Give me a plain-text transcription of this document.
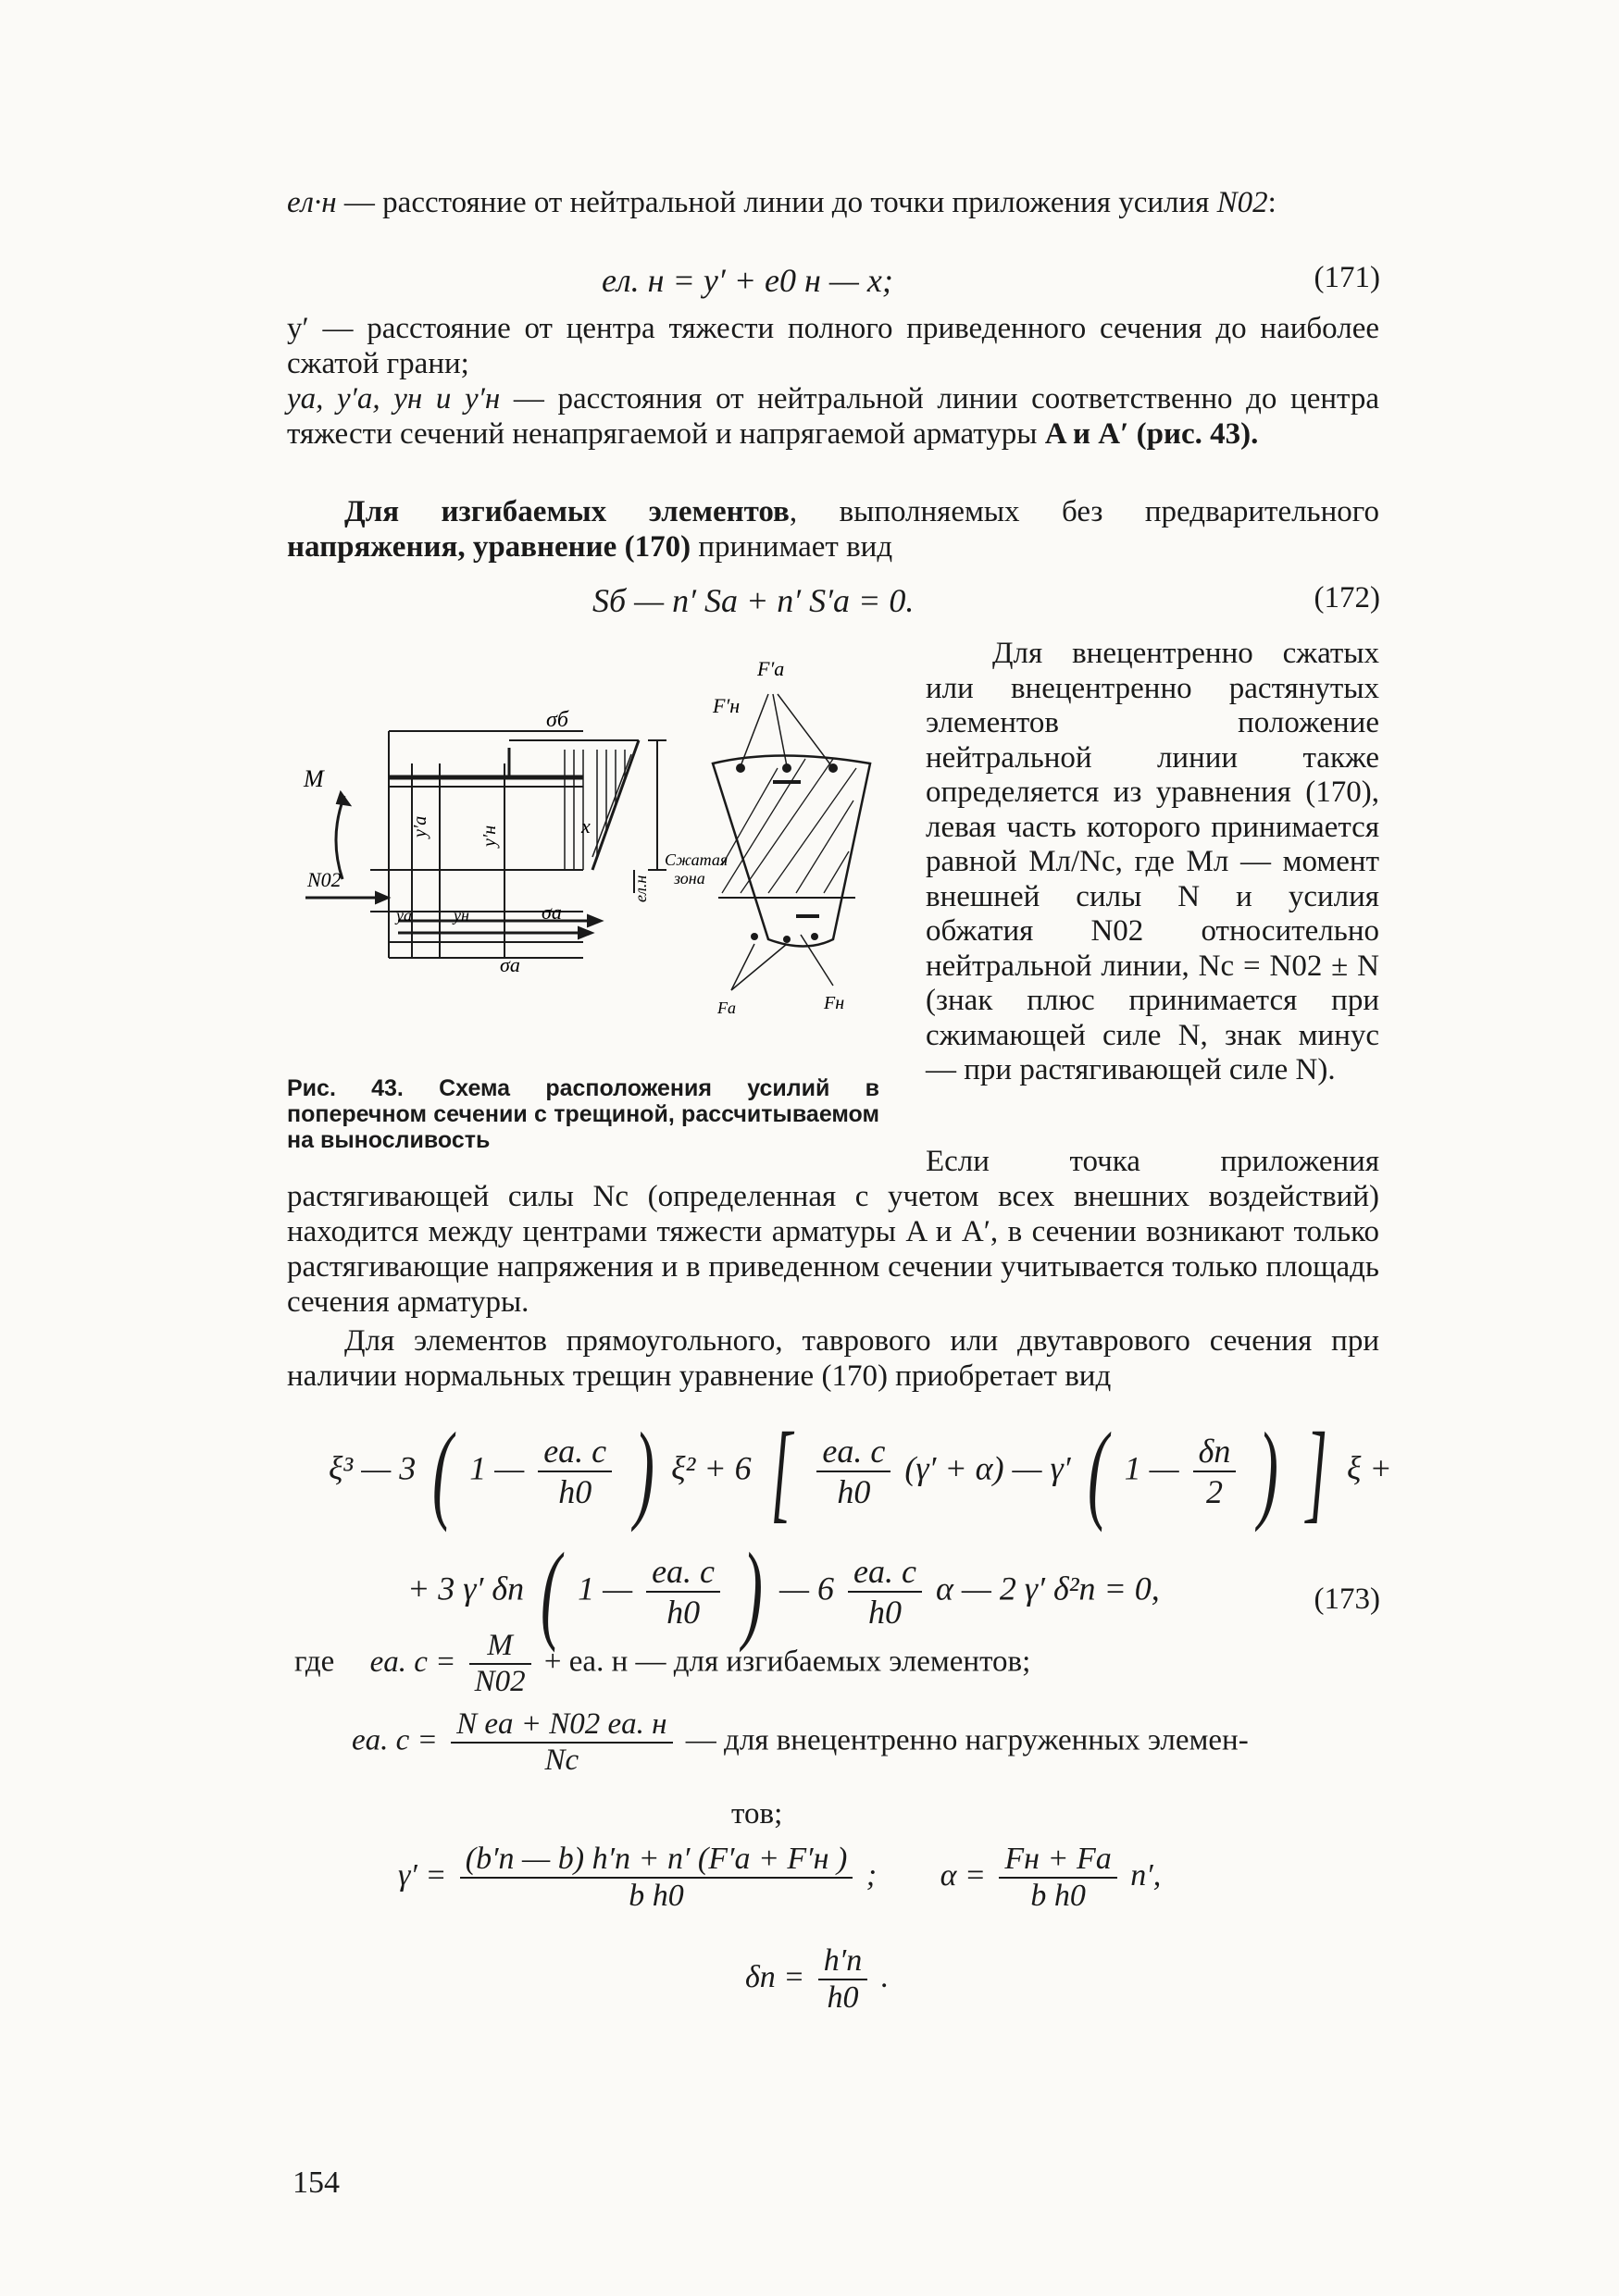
eл·н — расстояние от нейтральной линии до точки приложения усилия N02:
eл. н = y′ + e0 н — x;	(171)
y′ — расстояние от центра тяжести полного приведенного сечения до наиболее сжатой грани;
yа, y′а, yн и y′н — расстояния от нейтральной линии соответственно до центра тяжести сечений ненапрягаемой и напрягаемой арматуры A и A′ (рис. 43).
Для изгибаемых элементов, выполняемых без предварительного напряжения, уравнение (170) принимает вид
Sб — n′ Sа + n′ S′а = 0.	(172)
M
N02
σб
y′a	y′н	x
eл.н
yа	yн	σa
σа
F′a
F′н
Сжатая
зона
Fа	Fн
Рис. 43. Схема расположения усилий в поперечном сечении с трещиной, рассчитываемом на выносливость
Для внецентренно сжатых или внецентренно растянутых элементов положение нейтральной линии также определяется из уравнения (170), левая часть которого принимается равной Mл/Nс, где Mл — момент внешней силы N и усилия обжатия N02 относительно нейтральной линии, Nс = N02 ± N (знак плюс принимается при сжимающей силе N, знак минус — при растягивающей силе N).
Если точка приложения растягивающей силы Nс (определенная с учетом всех внешних воздействий) находится между центрами тяжести арматуры A и A′, в сечении возникают только растягивающие напряжения и в приведенном сечении учитывается только площадь сечения арматуры.
Для элементов прямоугольного, таврового или двутаврового сечения при наличии нормальных трещин уравнение (170) приобретает вид
ξ³ — 3 ( 1 — $\frac{eа. с}{h0}$ ) ξ² + 6 [ $\frac{eа. с}{h0} (\gamma' + \alpha)$ — γ′ ( 1 — $\frac{\delta п}{2}$ ) ] ξ +
+ 3 γ′ δп ( 1 — $\frac{eа. с}{h0}$ ) — $6 \frac{eа. с}{h0}$ α — 2 γ′ δ²п = 0,	(173)
где eа. $с = \frac{M}{N02}$ + eа. н — для изгибаемых элементов;
eа. $с = \frac{\text{N eа + N02 eа. н}}{Nс}$ — для внецентренно нагруженных элемен-
тов;
$\gamma' = \frac{(b'п — b) h'п + n' (F'а + F'н )}{\text{b h0}}$ ; $\alpha = \frac{Fн + Fа}{\text{b h0}} n'$,
$\delta п = \frac{h'п}{h0}$ .
154
